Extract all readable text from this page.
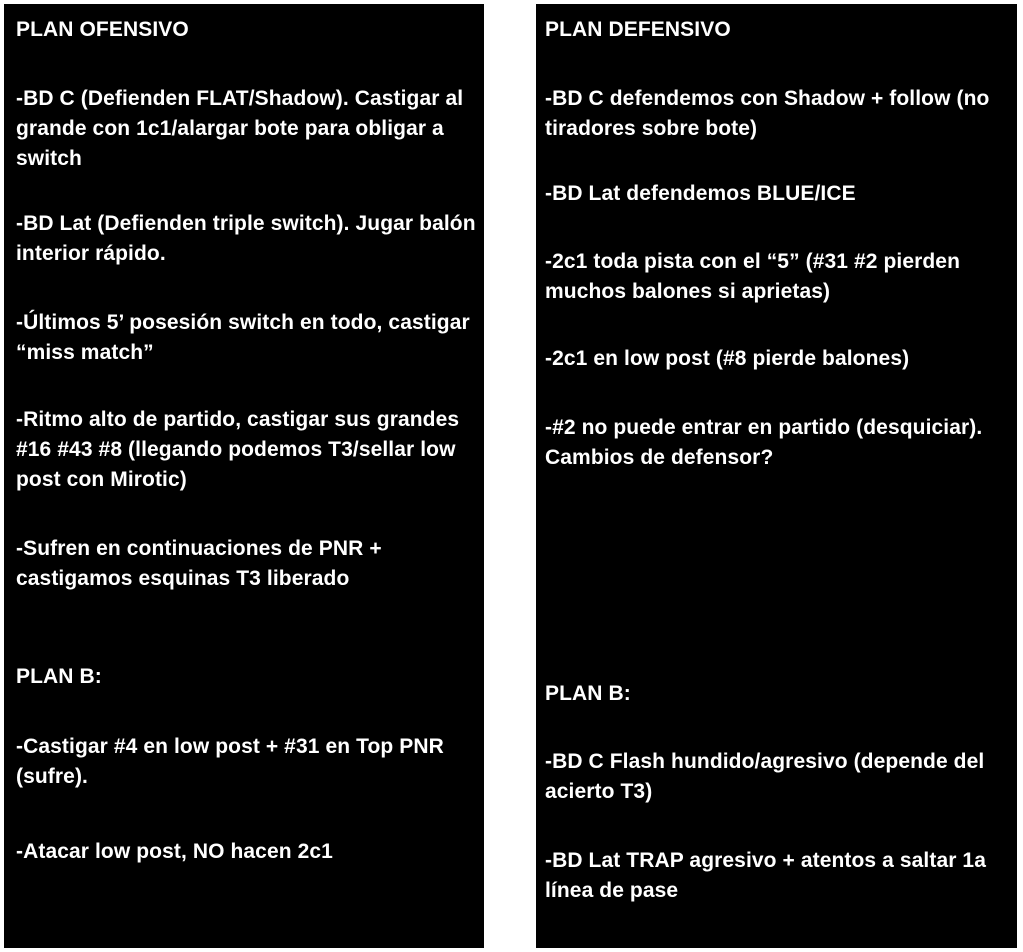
PLAN OFENSIVO

-BD C (Defienden FLAT/Shadow). Castigar al grande con 1c1/alargar bote para obligar a switch

-BD Lat (Defienden triple switch). Jugar balón interior rápido.

-Últimos 5’ posesión switch en todo, castigar “miss match”

-Ritmo alto de partido, castigar sus grandes #16 #43 #8 (llegando podemos T3/sellar low post con Mirotic)

-Sufren en continuaciones de PNR + castigamos esquinas T3 liberado

PLAN B:

-Castigar #4 en low post + #31 en Top PNR (sufre).

-Atacar low post, NO hacen 2c1

PLAN DEFENSIVO

-BD C defendemos con Shadow + follow (no tiradores sobre bote)

-BD Lat defendemos BLUE/ICE

-2c1 toda pista con el “5” (#31 #2 pierden muchos balones si aprietas)

-2c1 en low post (#8 pierde balones)

-#2 no puede entrar en partido (desquiciar). Cambios de defensor?

PLAN B:

-BD C Flash hundido/agresivo (depende del acierto T3)

-BD Lat TRAP agresivo + atentos a saltar 1a línea de pase
